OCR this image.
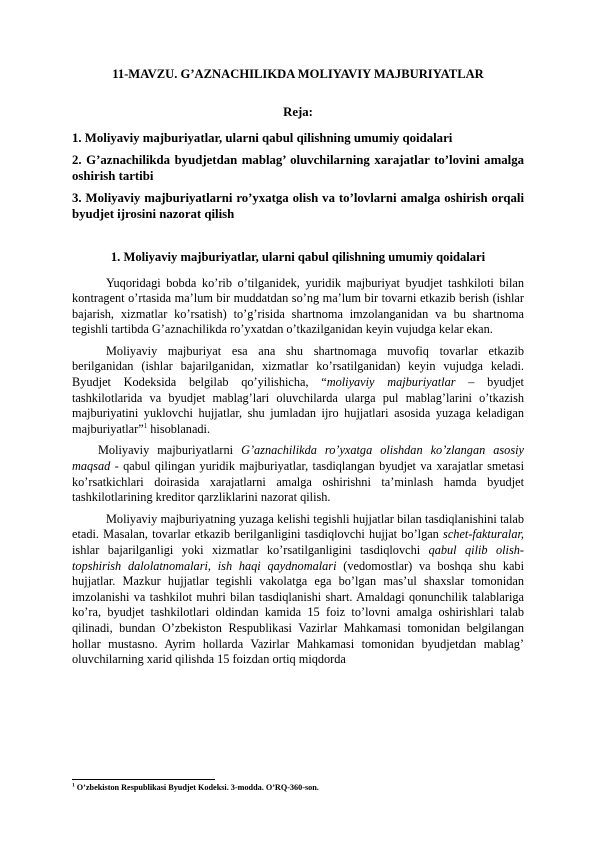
11-MAVZU. G’AZNACHILIKDA MOLIYAVIY MAJBURIYATLAR
Reja:
1. Moliyaviy majburiyatlar, ularni qabul qilishning umumiy qoidalari
2. G’aznachilikda byudjetdan mablag’ oluvchilarning xarajatlar to’lovini amalga oshirish tartibi
3. Moliyaviy majburiyatlarni ro’yxatga olish va to’lovlarni amalga oshirish orqali byudjet ijrosini nazorat qilish
1. Moliyaviy majburiyatlar, ularni qabul qilishning umumiy qoidalari

Yuqoridagi bobda ko’rib o’tilganidek, yuridik majburiyat byudjet tashkiloti bilan kontragent o’rtasida ma’lum bir muddatdan so’ng ma’lum bir tovarni etkazib berish (ishlar bajarish, xizmatlar ko’rsatish) to’g’risida shartnoma imzolanganidan va bu shartnoma tegishli tartibda G’aznachilikda ro’yxatdan o’tkazilganidan keyin vujudga kelar ekan.

Moliyaviy majburiyat esa ana shu shartnomaga muvofiq tovarlar etkazib berilganidan (ishlar bajarilganidan, xizmatlar ko’rsatilganidan) keyin vujudga keladi. Byudjet Kodeksida belgilab qo’yilishicha, “moliyaviy majburiyatlar – byudjet tashkilotlarida va byudjet mablag’lari oluvchilarda ularga pul mablag’larini o’tkazish majburiyatini yuklovchi hujjatlar, shu jumladan ijro hujjatlari asosida yuzaga keladigan majburiyatlar”$^1$ hisoblanadi.

Moliyaviy majburiyatlarni G’aznachilikda ro’yxatga olishdan ko’zlangan asosiy maqsad - qabul qilingan yuridik majburiyatlar, tasdiqlangan byudjet va xarajatlar smetasi ko’rsatkichlari doirasida xarajatlarni amalga oshirishni ta’minlash hamda byudjet tashkilotlarining kreditor qarzliklarini nazorat qilish.

Moliyaviy majburiyatning yuzaga kelishi tegishli hujjatlar bilan tasdiqlanishini talab etadi. Masalan, tovarlar etkazib berilganligini tasdiqlovchi hujjat bo’lgan schet-fakturalar, ishlar bajarilganligi yoki xizmatlar ko’rsatilganligini tasdiqlovchi qabul qilib olish-topshirish dalolatnomalari, ish haqi qaydnomalari (vedomostlar) va boshqa shu kabi hujjatlar. Mazkur hujjatlar tegishli vakolatga ega bo’lgan mas’ul shaxslar tomonidan imzolanishi va tashkilot muhri bilan tasdiqlanishi shart. Amaldagi qonunchilik talablariga ko’ra, byudjet tashkilotlari oldindan kamida 15 foiz to’lovni amalga oshirishlari talab qilinadi, bundan O’zbekiston Respublikasi Vazirlar Mahkamasi tomonidan belgilangan hollar mustasno. Ayrim hollarda Vazirlar Mahkamasi tomonidan byudjetdan mablag’ oluvchilarning xarid qilishda 15 foizdan ortiq miqdorda

$^1$ O’zbekiston Respublikasi Byudjet Kodeksi. 3-modda. O’RQ-360-son.
